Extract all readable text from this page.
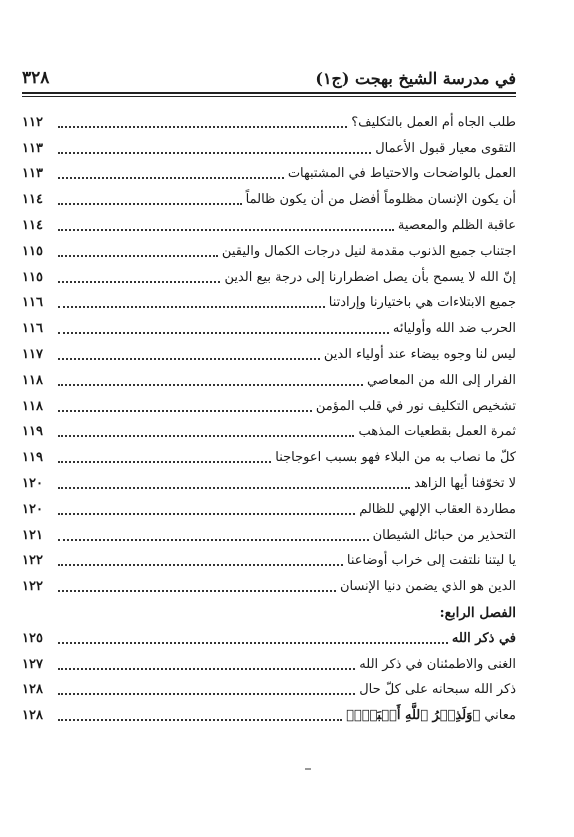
٣٢٨	في مدرسة الشيخ بهجت (ج١)
طلب الجاه أم العمل بالتكليف؟
١١٢
التقوى معيار قبول الأعمال
١١٣
العمل بالواضحات والاحتياط في المشتبهات
١١٣
أن يكون الإنسان مظلوماً أفضل من أن يكون ظالماً
١١٤
عاقبة الظلم والمعصية
١١٤
اجتناب جميع الذنوب مقدمة لنيل درجات الكمال واليقين
١١٥
إنّ الله لا يسمح بأن يصل اضطرارنا إلى درجة بيع الدين
١١٥
جميع الابتلاءات هي باختيارنا وإرادتنا
١١٦
الحرب ضد الله وأوليائه
١١٦
ليس لنا وجوه بيضاء عند أولياء الدين
١١٧
الفرار إلى الله من المعاصي
١١٨
تشخيص التكليف نور في قلب المؤمن
١١٨
ثمرة العمل بقطعيات المذهب
١١٩
كلّ ما نصاب به من البلاء فهو بسبب اعوجاجنا
١١٩
لا تخوّفنا أيها الزاهد
١٢٠
مطاردة العقاب الإلهي للظالم
١٢٠
التحذير من حبائل الشيطان
١٢١
يا ليتنا نلتفت إلى خراب أوضاعنا
١٢٢
الدين هو الذي يضمن دنيا الإنسان
١٢٢
الفصل الرابع:
في ذكر الله
١٢٥
الغنى والاطمئنان في ذكر الله
١٢٧
ذكر الله سبحانه على كلّ حال
١٢٨
معاني ﴿وَلَذِكۡرُ ٱللَّهِ أَكۡبَرُۗ﴾
١٢٨
